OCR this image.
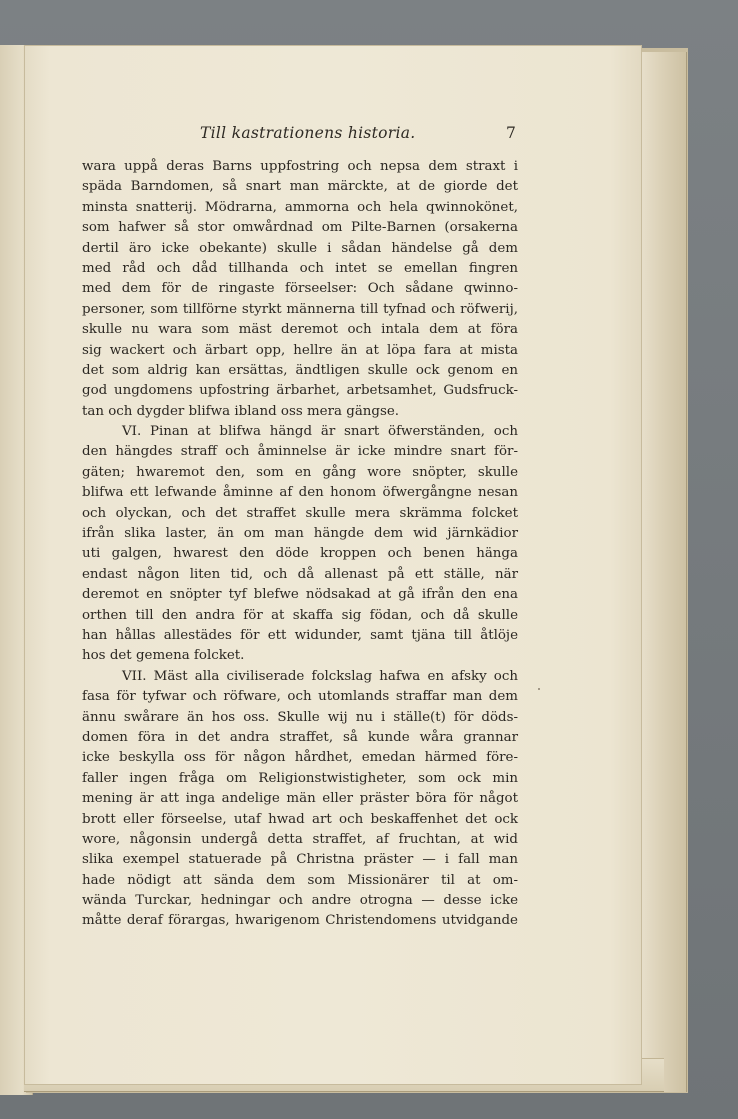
Till kastrationens historia.	7
wara uppå deras Barns uppfostring och nepsa dem straxt i
späda Barndomen, så snart man märckte, at de giorde det
minsta snatterij. Mödrarna, ammorna och hela qwinnokönet,
som hafwer så stor omwårdnad om Pilte-Barnen (orsakerna
dertil äro icke obekante) skulle i sådan händelse gå dem
med råd och dåd tillhanda och intet se emellan fingren
med dem för de ringaste förseelser: Och sådane qwinno-
personer, som tillförne styrkt männerna till tyfnad och röfwerij,
skulle nu wara som mäst deremot och intala dem at föra
sig wackert och ärbart opp, hellre än at löpa fara at mista
det som aldrig kan ersättas, ändtligen skulle ock genom en
god ungdomens upfostring ärbarhet, arbetsamhet, Gudsfruck-
tan och dygder blifwa ibland oss mera gängse.
VI. Pinan at blifwa hängd är snart öfwerständen, och
den hängdes straff och åminnelse är icke mindre snart för-
gäten; hwaremot den, som en gång wore snöpter, skulle
blifwa ett lefwande åminne af den honom öfwergångne nesan
och olyckan, och det straffet skulle mera skrämma folcket
ifrån slika laster, än om man hängde dem wid järnkädior
uti galgen, hwarest den döde kroppen och benen hänga
endast någon liten tid, och då allenast på ett ställe, när
deremot en snöpter tyf blefwe nödsakad at gå ifrån den ena
orthen till den andra för at skaffa sig födan, och då skulle
han hållas allestädes för ett widunder, samt tjäna till åtlöje
hos det gemena folcket.
VII. Mäst alla civiliserade folckslag hafwa en afsky och
fasa för tyfwar och röfware, och utomlands straffar man dem
ännu swårare än hos oss. Skulle wij nu i ställe(t) för döds-
domen föra in det andra straffet, så kunde wåra grannar
icke beskylla oss för någon hårdhet, emedan härmed före-
faller ingen fråga om Religionstwistigheter, som ock min
mening är att inga andelige män eller präster böra för något
brott eller förseelse, utaf hwad art och beskaffenhet det ock
wore, någonsin undergå detta straffet, af fruchtan, at wid
slika exempel statuerade på Christna präster — i fall man
hade nödigt att sända dem som Missionärer til at om-
wända Turckar, hedningar och andre otrogna — desse icke
måtte deraf förargas, hwarigenom Christendomens utvidgande
